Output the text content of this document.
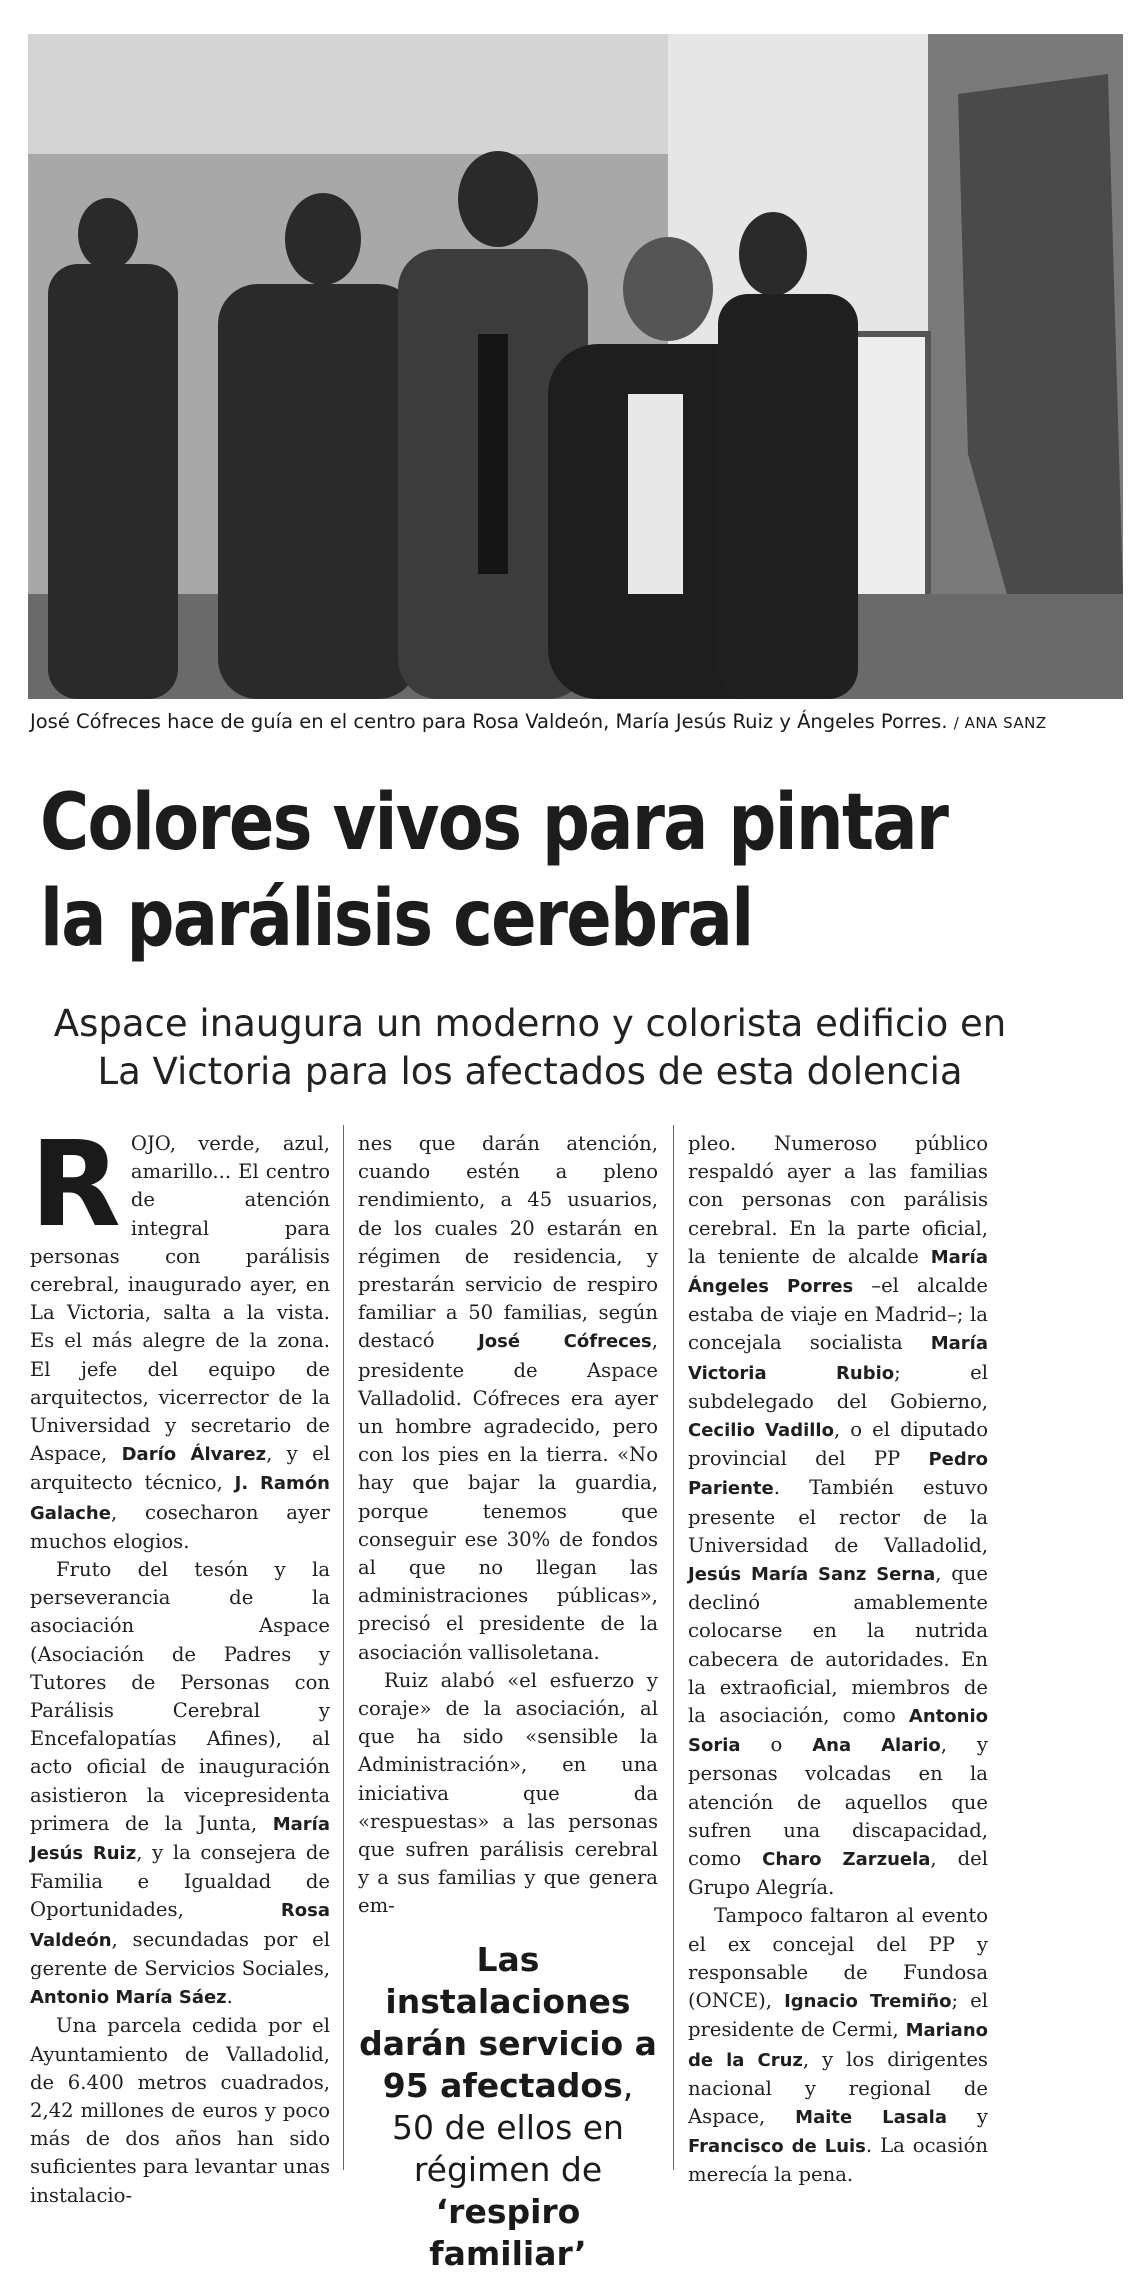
José Cófreces hace de guía en el centro para Rosa Valdeón, María Jesús Ruiz y Ángeles Porres. / ANA SANZ
Colores vivos para pintar
la parálisis cerebral
Aspace inaugura un moderno y colorista edificio en
La Victoria para los afectados de esta dolencia

ROJO, verde, azul, amarillo... El centro de atención integral para personas con parálisis cerebral, inaugurado ayer, en La Victoria, salta a la vista. Es el más alegre de la zona. El jefe del equipo de arquitectos, vicerrector de la Universidad y secretario de Aspace, Darío Álvarez, y el arquitecto técnico, J. Ramón Galache, cosecharon ayer muchos elogios.

Fruto del tesón y la perseverancia de la asociación Aspace (Asociación de Padres y Tutores de Personas con Parálisis Cerebral y Encefalopatías Afines), al acto oficial de inauguración asistieron la vicepresidenta primera de la Junta, María Jesús Ruiz, y la consejera de Familia e Igualdad de Oportunidades, Rosa Valdeón, secundadas por el gerente de Servicios Sociales, Antonio María Sáez.

Una parcela cedida por el Ayuntamiento de Valladolid, de 6.400 metros cuadrados, 2,42 millones de euros y poco más de dos años han sido suficientes para levantar unas instalacio-

nes que darán atención, cuando estén a pleno rendimiento, a 45 usuarios, de los cuales 20 estarán en régimen de residencia, y prestarán servicio de respiro familiar a 50 familias, según destacó José Cófreces, presidente de Aspace Valladolid. Cófreces era ayer un hombre agradecido, pero con los pies en la tierra. «No hay que bajar la guardia, porque tenemos que conseguir ese 30% de fondos al que no llegan las administraciones públicas», precisó el presidente de la asociación vallisoletana.

Ruiz alabó «el esfuerzo y coraje» de la asociación, al que ha sido «sensible la Administración», en una iniciativa que da «respuestas» a las personas que sufren parálisis cerebral y a sus familias y que genera em-

Las instalaciones darán servicio a 95 afectados, 50 de ellos en régimen de ‘respiro familiar’

pleo. Numeroso público respaldó ayer a las familias con personas con parálisis cerebral. En la parte oficial, la teniente de alcalde María Ángeles Porres –el alcalde estaba de viaje en Madrid–; la concejala socialista María Victoria Rubio; el subdelegado del Gobierno, Cecilio Vadillo, o el diputado provincial del PP Pedro Pariente. También estuvo presente el rector de la Universidad de Valladolid, Jesús María Sanz Serna, que declinó amablemente colocarse en la nutrida cabecera de autoridades. En la extraoficial, miembros de la asociación, como Antonio Soria o Ana Alario, y personas volcadas en la atención de aquellos que sufren una discapacidad, como Charo Zarzuela, del Grupo Alegría.

Tampoco faltaron al evento el ex concejal del PP y responsable de Fundosa (ONCE), Ignacio Tremiño; el presidente de Cermi, Mariano de la Cruz, y los dirigentes nacional y regional de Aspace, Maite Lasala y Francisco de Luis. La ocasión merecía la pena.
